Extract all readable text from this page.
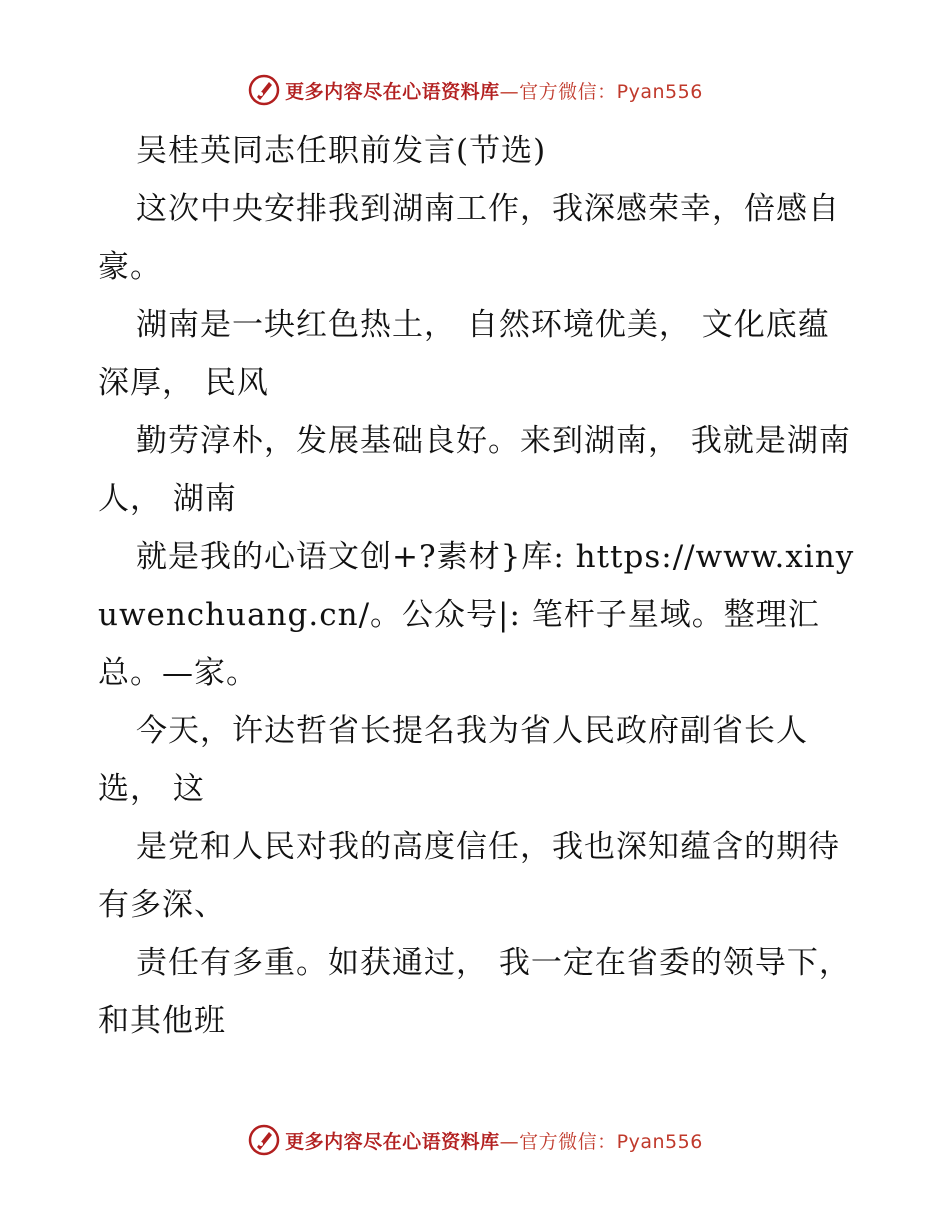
更多内容尽在心语资料库—官方微信：Pyan556

吴桂英同志任职前发言(节选)

这次中央安排我到湖南工作，我深感荣幸，倍感自豪。

湖南是一块红色热土， 自然环境优美， 文化底蕴深厚， 民风

勤劳淳朴，发展基础良好。来到湖南， 我就是湖南人， 湖南

就是我的心语文创+?素材}库: https://www.xinyuwenchuang.cn/。公众号|: 笔杆子星域。整理汇总。—家。

今天，许达哲省长提名我为省人民政府副省长人选， 这

是党和人民对我的高度信任，我也深知蕴含的期待有多深、

责任有多重。如获通过， 我一定在省委的领导下， 和其他班

更多内容尽在心语资料库—官方微信：Pyan556
